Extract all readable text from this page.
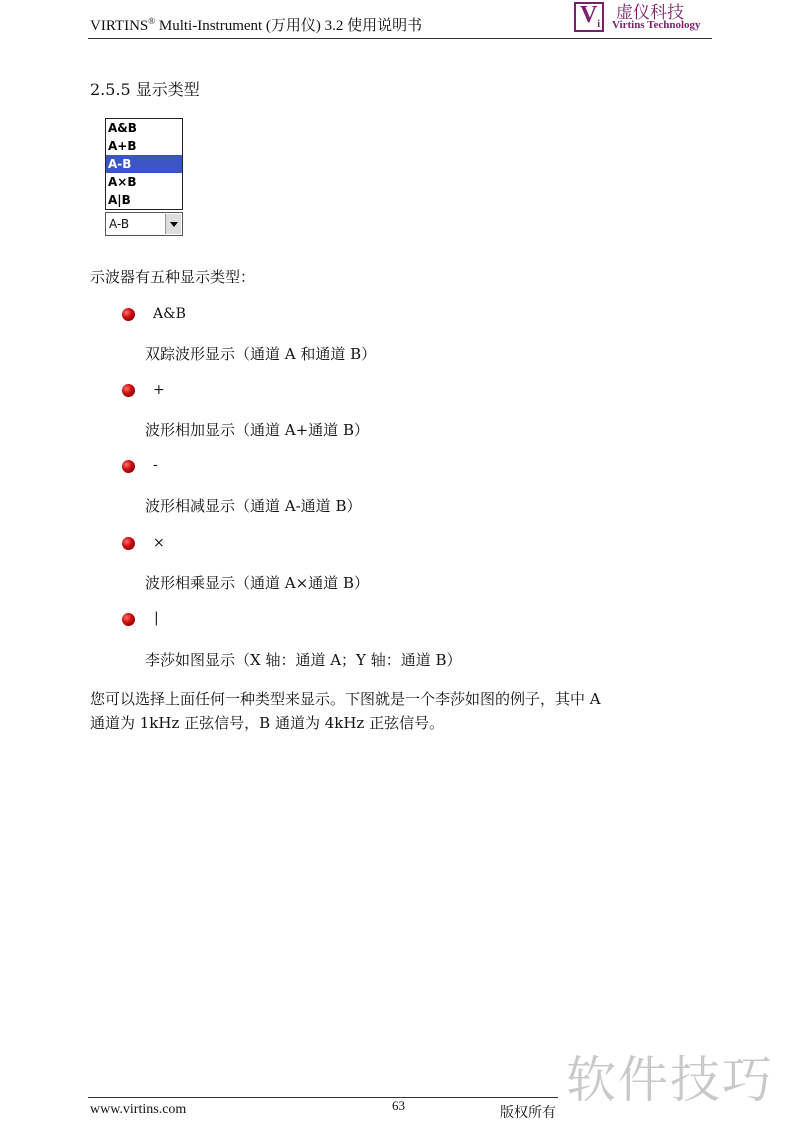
VIRTINS® Multi-Instrument (万用仪) 3.2 使用说明书	V i
虚仪科技
Virtins Technology
2.5.5 显示类型
A&B
A+B
A-B
A×B
A|B
A-B
示波器有五种显示类型：
A&B
双踪波形显示（通道 A 和通道 B）
+
波形相加显示（通道 A+通道 B）
-
波形相减显示（通道 A-通道 B）
×
波形相乘显示（通道 A×通道 B）
|
李莎如图显示（X 轴：通道 A；Y 轴：通道 B）
您可以选择上面任何一种类型来显示。下图就是一个李莎如图的例子，其中 A
通道为 1kHz 正弦信号，B 通道为 4kHz 正弦信号。
软件技巧
www.virtins.com	63	版权所有
